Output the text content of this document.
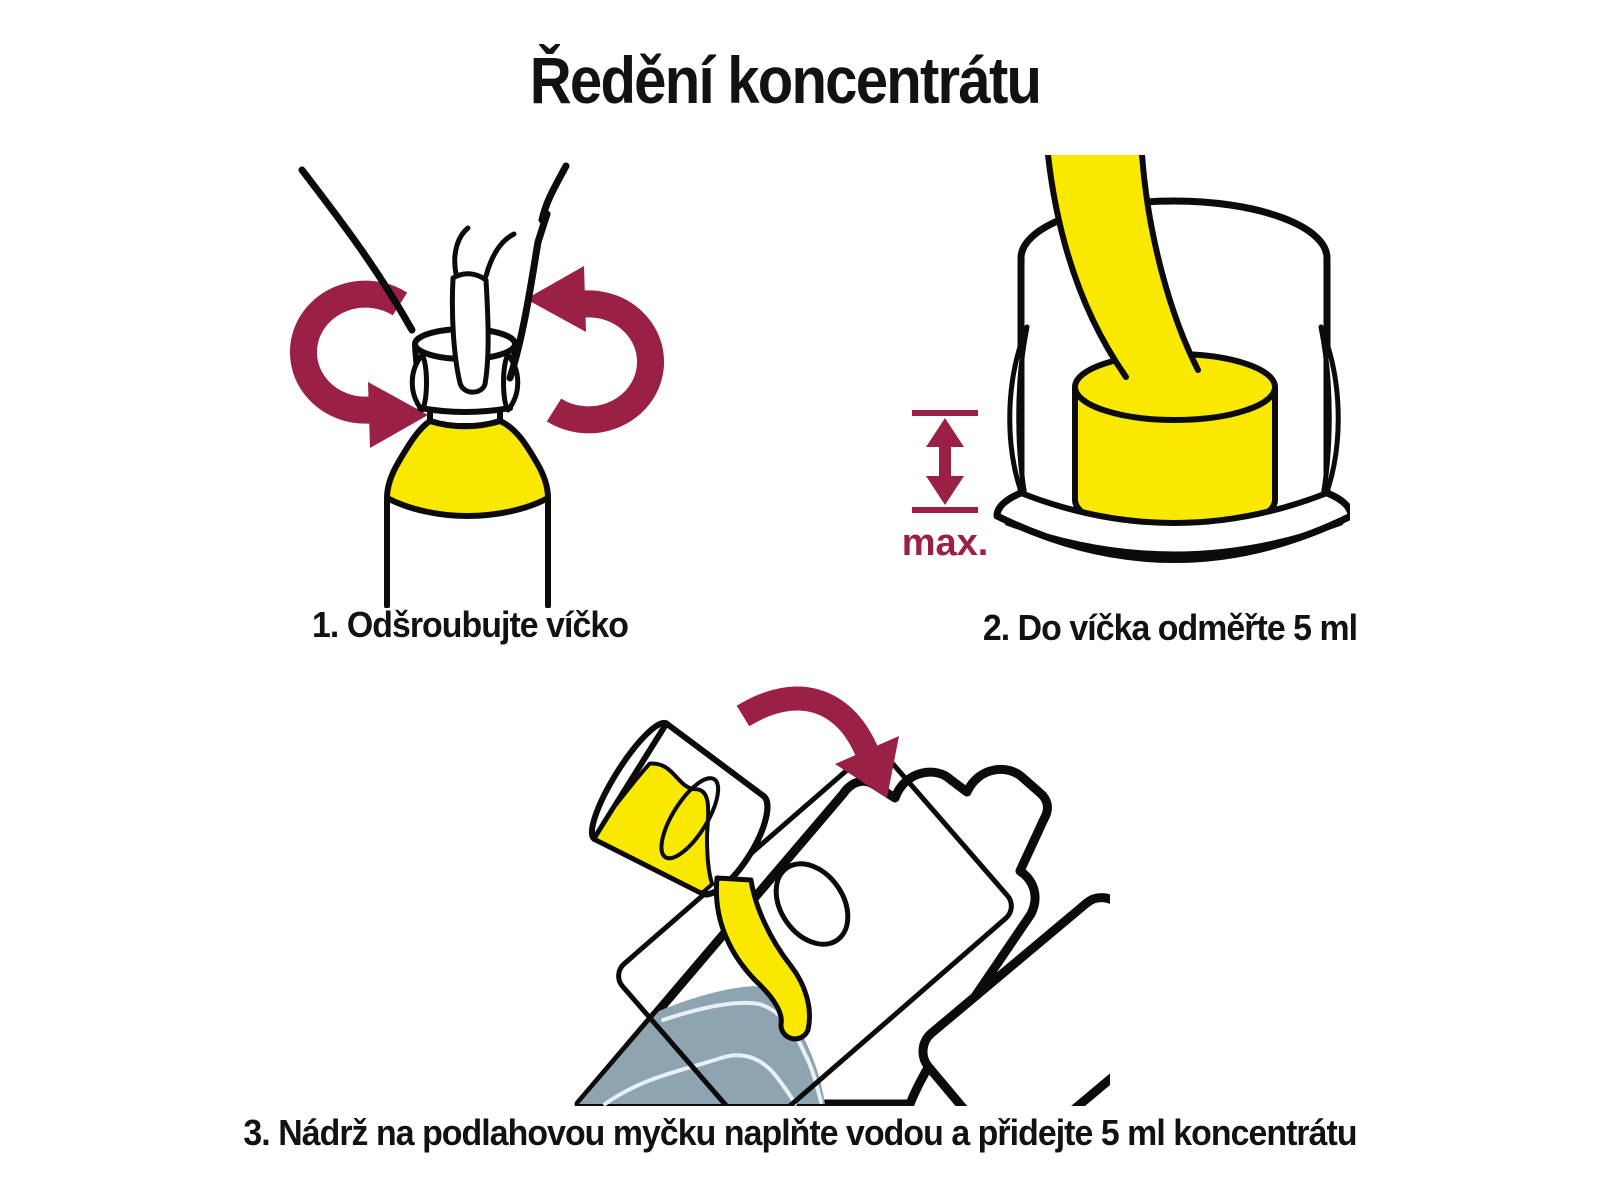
Ředění koncentrátu
max.
1. Odšroubujte víčko	2. Do víčka odměřte 5 ml
3. Nádrž na podlahovou myčku naplňte vodou a přidejte 5 ml koncentrátu
